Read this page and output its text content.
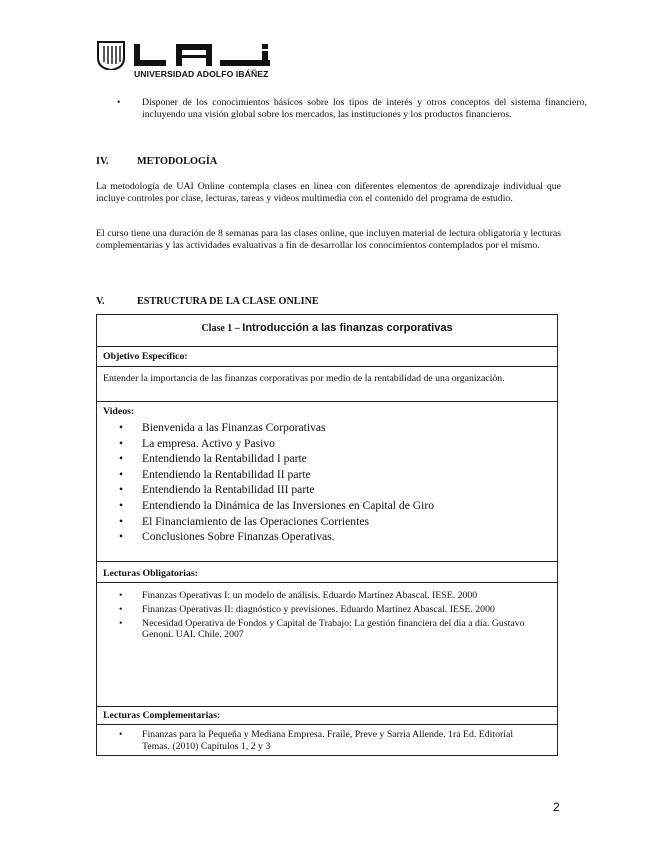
UNIVERSIDAD ADOLFO IBÁÑEZ
• Disponer de los conocimientos básicos sobre los tipos de interés y otros conceptos del sistema financiero, incluyendo una visión global sobre los mercados, las instituciones y los productos financieros.
IV.	METODOLOGÍA
La metodología de UAI Online contempla clases en línea con diferentes elementos de aprendizaje individual que incluye controles por clase, lecturas, tareas y videos multimedia con el contenido del programa de estudio.
El curso tiene una duración de 8 semanas para las clases online, que incluyen material de lectura obligatoria y lecturas complementarias y las actividades evaluativas a fin de desarrollar los conocimientos contemplados por el mismo.
V.	ESTRUCTURA DE LA CLASE ONLINE
Clase 1 – Introducción a las finanzas corporativas
Objetivo Específico:
Entender la importancia de las finanzas corporativas por medio de la rentabilidad de una organización.
Videos:
• Bienvenida a las Finanzas Corporativas
• La empresa. Activo y Pasivo
• Entendiendo la Rentabilidad I parte
• Entendiendo la Rentabilidad II parte
• Entendiendo la Rentabilidad III parte
• Entendiendo la Dinámica de las Inversiones en Capital de Giro
• El Financiamiento de las Operaciones Corrientes
• Conclusiones Sobre Finanzas Operativas.
Lecturas Obligatorias:
• Finanzas Operativas I: un modelo de análisis. Eduardo Martínez Abascal. IESE. 2000
• Finanzas Operativas II: diagnóstico y previsiones. Eduardo Martínez Abascal. IESE. 2000
• Necesidad Operativa de Fondos y Capital de Trabajo: La gestión financiera del día a día. Gustavo Genoni. UAI. Chile. 2007
Lecturas Complementarias:
• Finanzas para la Pequeña y Mediana Empresa. Fraile, Preve y Sarria Allende. 1ra Ed. Editorial Temas. (2010) Capítulos 1, 2 y 3
2
